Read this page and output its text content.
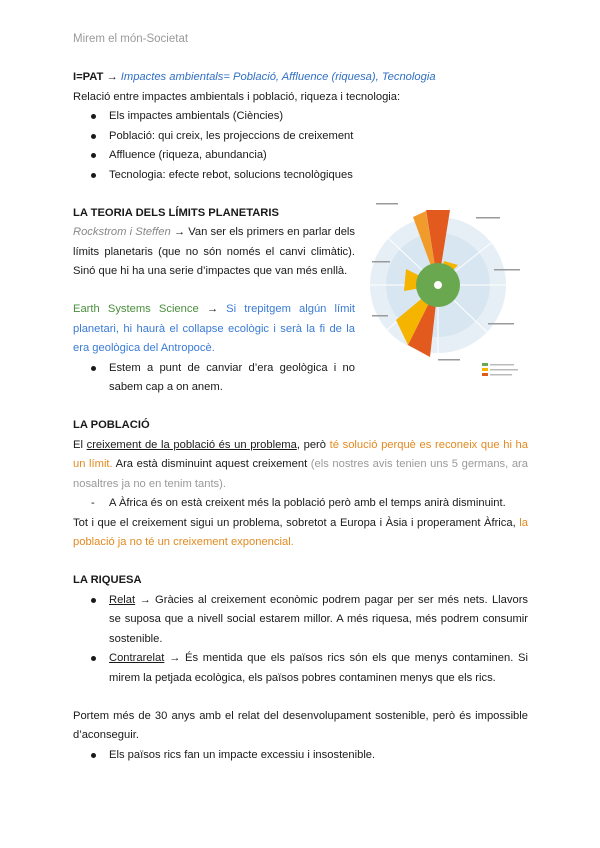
Mirem el món-Societat

I=PAT → Impactes ambientals= Població, Affluence (riquesa), Tecnologia

Relació entre impactes ambientals i població, riqueza i tecnologia:

Els impactes ambientals (Ciències)
Població: qui creix, les projeccions de creixement
Affluence (riqueza, abundancia)
Tecnologia: efecte rebot, solucions tecnològiques

LA TEORIA DELS LÍMITS PLANETARIS

Rockstrom i Steffen → Van ser els primers en parlar dels límits planetaris (que no són només el canvi climàtic). Sinó que hi ha una serie d’impactes que van més enllà.

Earth Systems Science → Si trepitgem algún límit planetari, hi haurà el collapse ecològic i serà la fi de la era geològica del Antropocè.

Estem a punt de canviar d’era geològica i no sabem cap a on anem.

LA POBLACIÓ

El creixement de la població és un problema, però té solució perquè es reconeix que hi ha un límit. Ara està disminuint aquest creixement (els nostres avis tenien uns 5 germans, ara nosaltres ja no en tenim tants).

- A Àfrica és on està creixent més la població però amb el temps anirà disminuint.

Tot i que el creixement sigui un problema, sobretot a Europa i Àsia i properament Àfrica, la població ja no té un creixement exponencial.

LA RIQUESA

Relat → Gràcies al creixement econòmic podrem pagar per ser més nets. Llavors se suposa que a nivell social estarem millor. A més riquesa, més podrem consumir sostenible.
Contrarelat → És mentida que els països rics són els que menys contaminen. Si mirem la petjada ecològica, els països pobres contaminen menys que els rics.

Portem més de 30 anys amb el relat del desenvolupament sostenible, però és impossible d’aconseguir.

Els països rics fan un impacte excessiu i insostenible.
